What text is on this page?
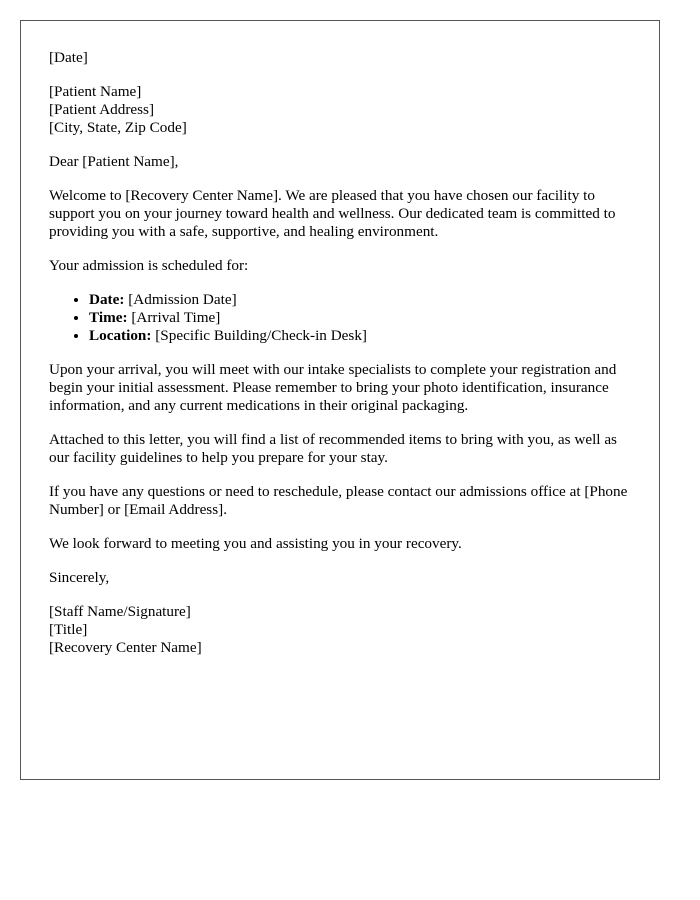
[Date]

[Patient Name]
[Patient Address]
[City, State, Zip Code]

Dear [Patient Name],

Welcome to [Recovery Center Name]. We are pleased that you have chosen our facility to support you on your journey toward health and wellness. Our dedicated team is committed to providing you with a safe, supportive, and healing environment.

Your admission is scheduled for:

• Date: [Admission Date]
• Time: [Arrival Time]
• Location: [Specific Building/Check-in Desk]

Upon your arrival, you will meet with our intake specialists to complete your registration and begin your initial assessment. Please remember to bring your photo identification, insurance information, and any current medications in their original packaging.

Attached to this letter, you will find a list of recommended items to bring with you, as well as our facility guidelines to help you prepare for your stay.

If you have any questions or need to reschedule, please contact our admissions office at [Phone Number] or [Email Address].

We look forward to meeting you and assisting you in your recovery.

Sincerely,

[Staff Name/Signature]
[Title]
[Recovery Center Name]
